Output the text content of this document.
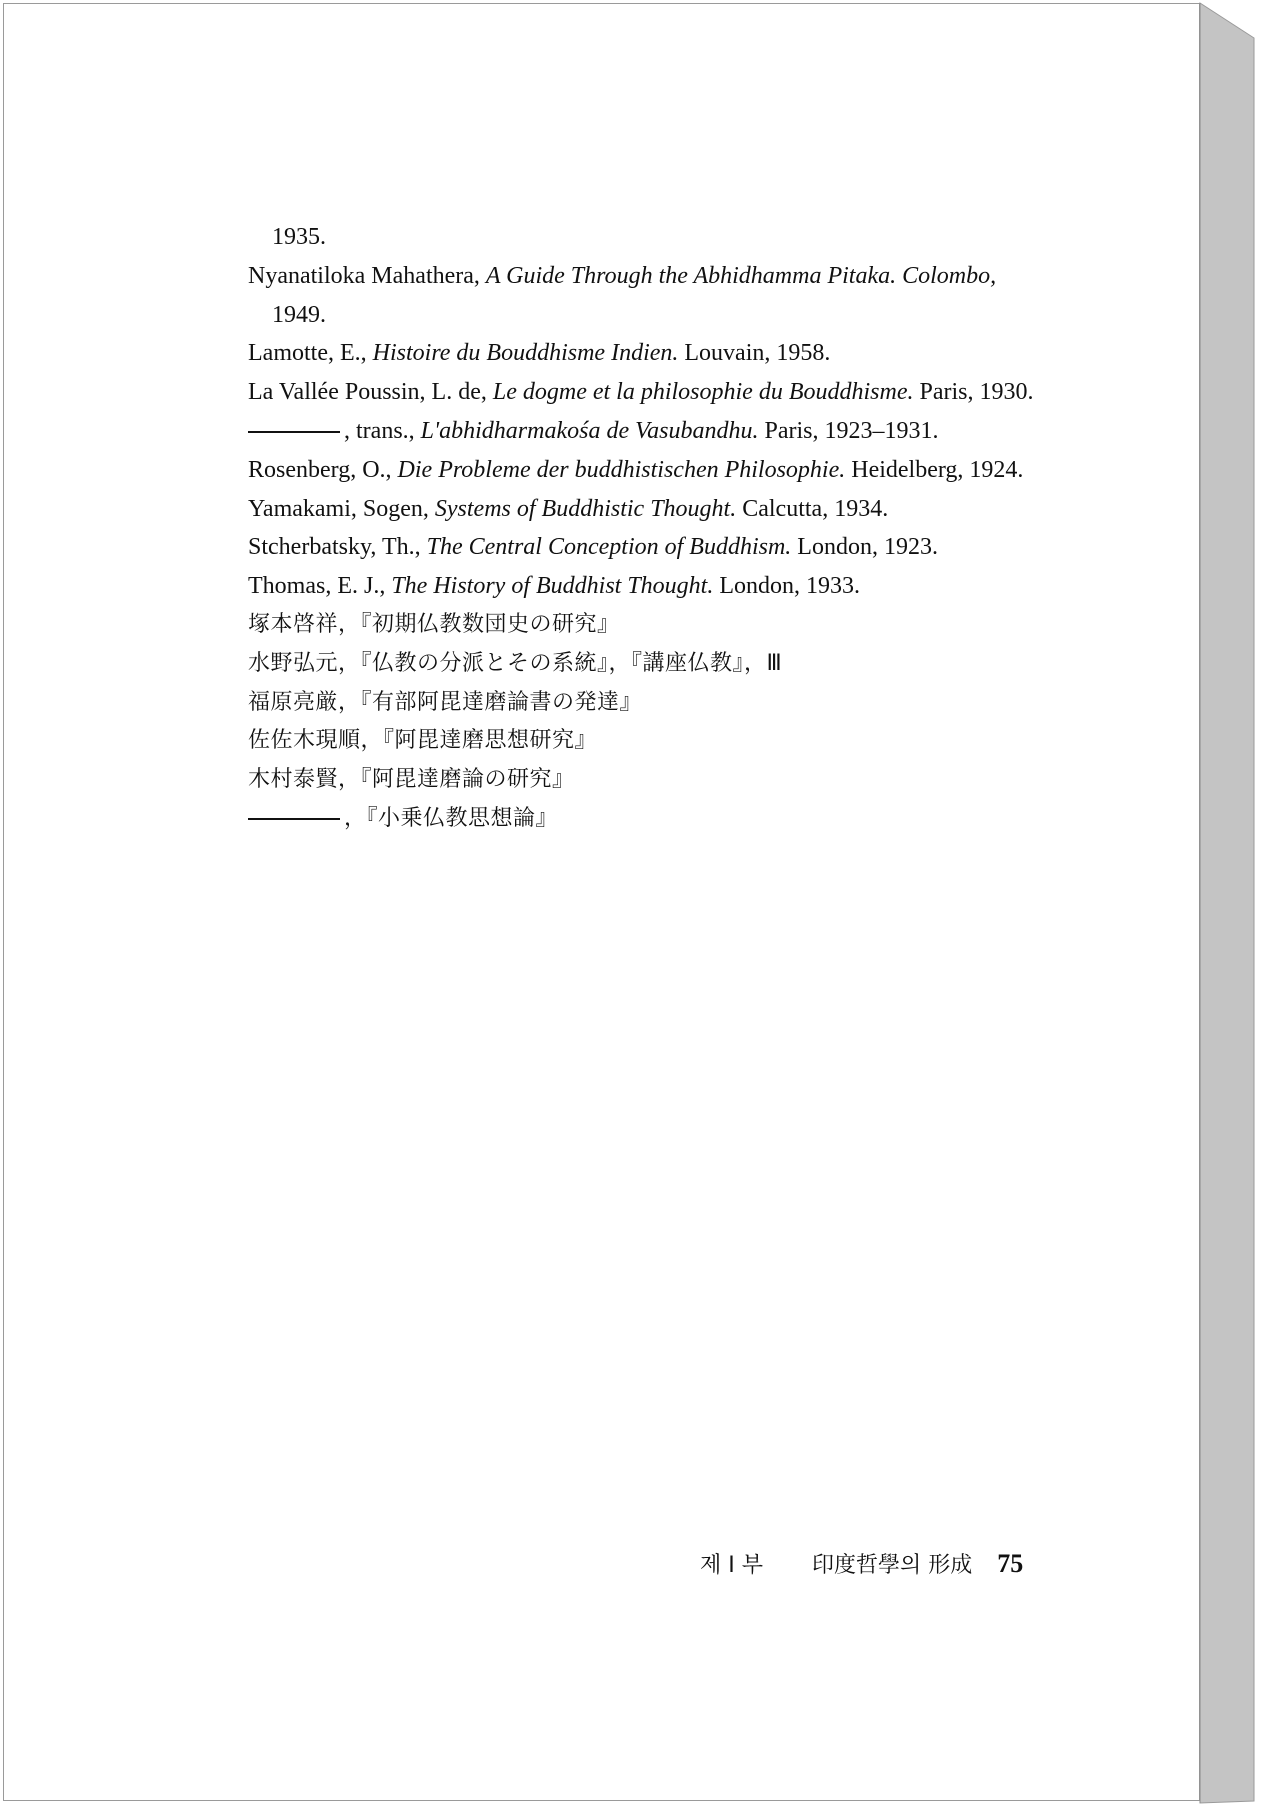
1935.

Nyanatiloka Mahathera, A Guide Through the Abhidhamma Pitaka. Colombo, 1949.

Lamotte, E., Histoire du Bouddhisme Indien. Louvain, 1958.

La Vallée Poussin, L. de, Le dogme et la philosophie du Bouddhisme. Paris, 1930.

, trans., L'abhidharmakośa de Vasubandhu. Paris, 1923–1931.

Rosenberg, O., Die Probleme der buddhistischen Philosophie. Heidelberg, 1924.

Yamakami, Sogen, Systems of Buddhistic Thought. Calcutta, 1934.

Stcherbatsky, Th., The Central Conception of Buddhism. London, 1923.

Thomas, E. J., The History of Buddhist Thought. London, 1933.

塚本啓祥，『初期仏教数団史の研究』

水野弘元，『仏教の分派とその系統』，『講座仏教』，Ⅲ

福原亮厳，『有部阿毘達磨論書の発達』

佐佐木現順，『阿毘達磨思想研究』

木村泰賢，『阿毘達磨論の研究』

，『小乗仏教思想論』

제 I 부 印度哲學의 形成 75
